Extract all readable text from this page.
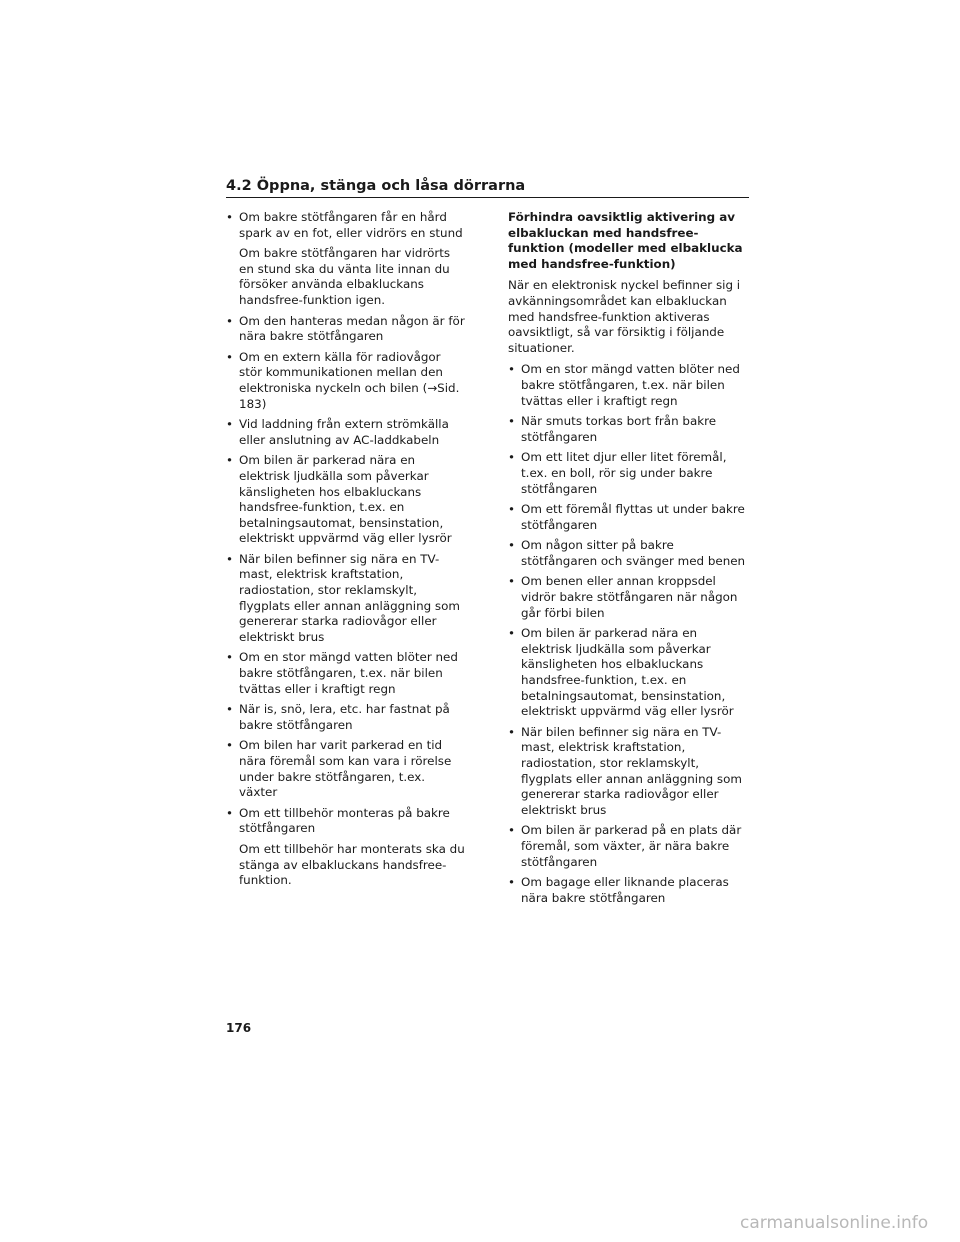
4.2 Öppna, stänga och låsa dörrarna
• Om bakre stötfångaren får en hård spark av en fot, eller vidrörs en stund
Om bakre stötfångaren har vidrörts en stund ska du vänta lite innan du försöker använda elbakluckans handsfree-funktion igen.
• Om den hanteras medan någon är för nära bakre stötfångaren
• Om en extern källa för radiovågor stör kommunikationen mellan den elektroniska nyckeln och bilen (→Sid. 183)
• Vid laddning från extern strömkälla eller anslutning av AC-laddkabeln
• Om bilen är parkerad nära en elektrisk ljudkälla som påverkar känsligheten hos elbakluckans handsfree-funktion, t.ex. en betalningsautomat, bensinstation, elektriskt uppvärmd väg eller lysrör
• När bilen befinner sig nära en TV-mast, elektrisk kraftstation, radiostation, stor reklamskylt, flygplats eller annan anläggning som genererar starka radiovågor eller elektriskt brus
• Om en stor mängd vatten blöter ned bakre stötfångaren, t.ex. när bilen tvättas eller i kraftigt regn
• När is, snö, lera, etc. har fastnat på bakre stötfångaren
• Om bilen har varit parkerad en tid nära föremål som kan vara i rörelse under bakre stötfångaren, t.ex. växter
• Om ett tillbehör monteras på bakre stötfångaren
Om ett tillbehör har monterats ska du stänga av elbakluckans handsfree-funktion.
Förhindra oavsiktlig aktivering av elbakluckan med handsfree-funktion (modeller med elbaklucka med handsfree-funktion)
När en elektronisk nyckel befinner sig i avkänningsområdet kan elbakluckan med handsfree-funktion aktiveras oavsiktligt, så var försiktig i följande situationer.
• Om en stor mängd vatten blöter ned bakre stötfångaren, t.ex. när bilen tvättas eller i kraftigt regn
• När smuts torkas bort från bakre stötfångaren
• Om ett litet djur eller litet föremål, t.ex. en boll, rör sig under bakre stötfångaren
• Om ett föremål flyttas ut under bakre stötfångaren
• Om någon sitter på bakre stötfångaren och svänger med benen
• Om benen eller annan kroppsdel vidrör bakre stötfångaren när någon går förbi bilen
• Om bilen är parkerad nära en elektrisk ljudkälla som påverkar känsligheten hos elbakluckans handsfree-funktion, t.ex. en betalningsautomat, bensinstation, elektriskt uppvärmd väg eller lysrör
• När bilen befinner sig nära en TV-mast, elektrisk kraftstation, radiostation, stor reklamskylt, flygplats eller annan anläggning som genererar starka radiovågor eller elektriskt brus
• Om bilen är parkerad på en plats där föremål, som växter, är nära bakre stötfångaren
• Om bagage eller liknande placeras nära bakre stötfångaren
176
carmanualsonline.info
